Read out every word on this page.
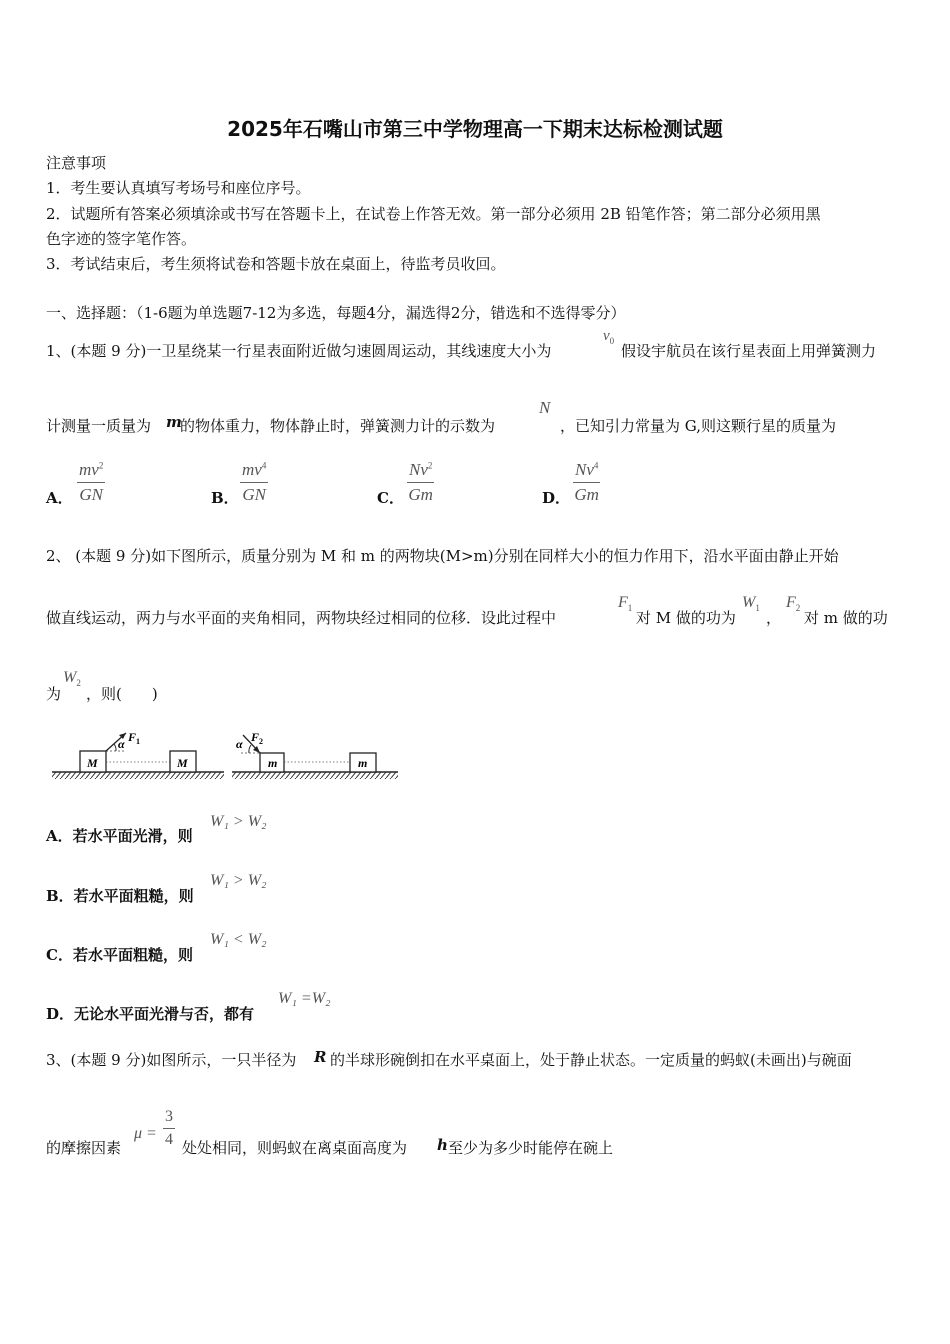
2025年石嘴山市第三中学物理高一下期末达标检测试题
注意事项
1．考生要认真填写考场号和座位序号。
2．试题所有答案必须填涂或书写在答题卡上，在试卷上作答无效。第一部分必须用 2B 铅笔作答；第二部分必须用黑
色字迹的签字笔作答。
3．考试结束后，考生须将试卷和答题卡放在桌面上，待监考员收回。
一、选择题：（1-6题为单选题7-12为多选，每题4分，漏选得2分，错选和不选得零分）
1、(本题 9 分)一卫星绕某一行星表面附近做匀速圆周运动，其线速度大小为
$v_0$
假设宇航员在该行星表面上用弹簧测力
计测量一质量为 m
的物体重力，物体静止时，弹簧测力计的示数为
N
，已知引力常量为 G,则这颗行星的质量为
A． $\frac{mv^2}{GN}$	B． $\frac{mv^4}{GN}$	C． $\frac{Nv^2}{Gm}$	D． $\frac{Nv^4}{Gm}$
2、 (本题 9 分)如下图所示，质量分别为 M 和 m 的两物块(M>m)分别在同样大小的恒力作用下，沿水平面由静止开始
做直线运动，两力与水平面的夹角相同，两物块经过相同的位移．设此过程中
$F_1$
对 M 做的功为
$W_1$
，
$F_2$
对 m 做的功
为
$W_2$
，则(　　)
M
α F 1
M	m
α F 2
m
A．若水平面光滑，则
W₁ > W₂
B．若水平面粗糙，则
W₁ > W₂
C．若水平面粗糙，则
W₁ < W₂
D．无论水平面光滑与否，都有
W₁ =W₂
3、(本题 9 分)如图所示，一只半径为 R 的半球形碗倒扣在水平桌面上，处于静止状态。一定质量的蚂蚁(未画出)与碗面
的摩擦因素
$\mu = \frac{3}{4}$ 处处相同，则蚂蚁在离桌面高度为 h 至少为多少时能停在碗上
